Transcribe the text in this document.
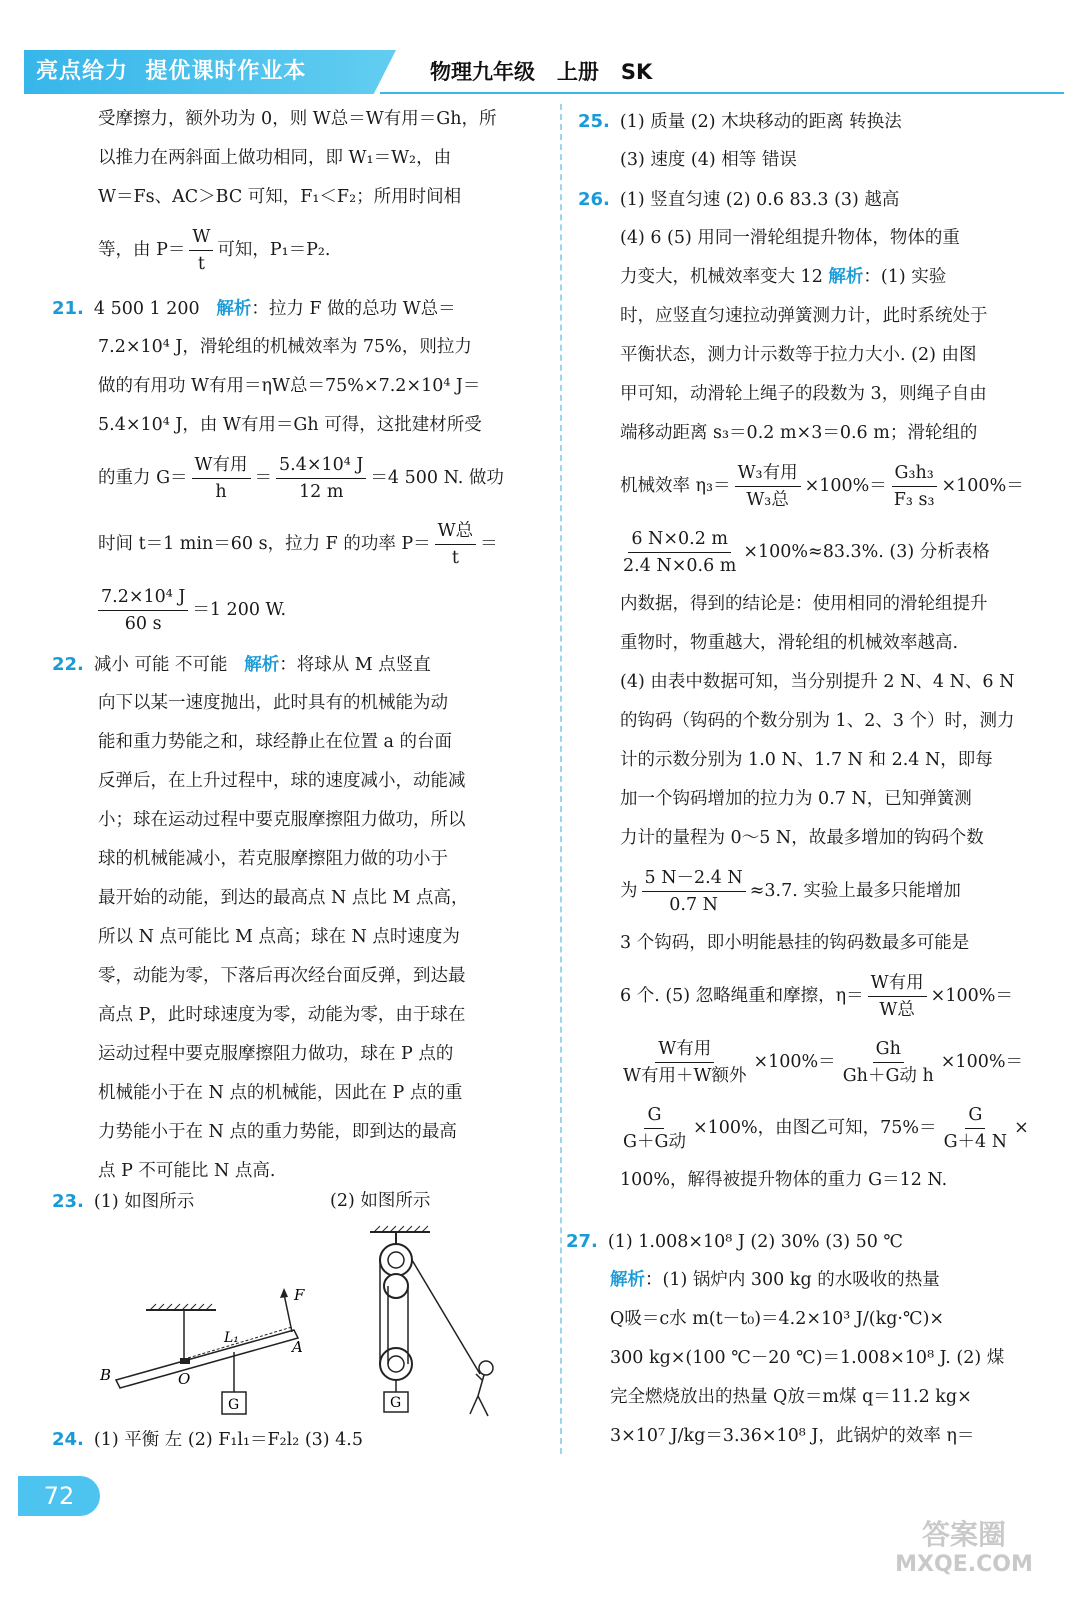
亮点给力  提优课时作业本	物理九年级   上册   SK
受摩擦力，额外功为 0，则 W总＝W有用＝Gh，所
以推力在两斜面上做功相同，即 W₁＝W₂，由
W＝Fs、AC＞BC 可知，F₁＜F₂；所用时间相
等，由 $P= \frac{W}{t}$ 可知，P₁＝P₂.
21. 4 500 1 200 解析：拉力 F 做的总功 W总＝
7.2×10⁴ J，滑轮组的机械效率为 75%，则拉力
做的有用功 W有用＝ηW总＝75%×7.2×10⁴ J＝
5.4×10⁴ J，由 W有用＝Gh 可得，这批建材所受
的重力 $G= \frac{\text{W有用}}{h} = \frac{\text{5.4×10⁴ J}}{12 m} =4$ 500 N. 做功
时间 t＝1 min＝60 s，拉力 F 的功率 $P= \frac{\text{W总}}{t}$ ＝
$\frac{\text{7.2×10⁴ J}}{60 s} =1$ 200 W.
22. 减小 可能 不可能 解析：将球从 M 点竖直
向下以某一速度抛出，此时具有的机械能为动
能和重力势能之和，球经静止在位置 a 的台面
反弹后，在上升过程中，球的速度减小，动能减
小；球在运动过程中要克服摩擦阻力做功，所以
球的机械能减小，若克服摩擦阻力做的功小于
最开始的动能，到达的最高点 N 点比 M 点高，
所以 N 点可能比 M 点高；球在 N 点时速度为
零，动能为零，下落后再次经台面反弹，到达最
高点 P，此时球速度为零，动能为零，由于球在
运动过程中要克服摩擦阻力做功，球在 P 点的
机械能小于在 N 点的机械能，因此在 P 点的重
力势能小于在 N 点的重力势能，即到达的最高
点 P 不可能比 N 点高.
23. (1) 如图所示	(2) 如图所示
F
L₁	A
B	O
G	G
24. (1) 平衡 左 (2) F₁l₁＝F₂l₂ (3) 4.5
25. (1) 质量 (2) 木块移动的距离 转换法
(3) 速度 (4) 相等 错误
26. (1) 竖直匀速 (2) 0.6 83.3 (3) 越高
(4) 6 (5) 用同一滑轮组提升物体，物体的重
力变大，机械效率变大 12 解析：(1) 实验
时，应竖直匀速拉动弹簧测力计，此时系统处于
平衡状态，测力计示数等于拉力大小. (2) 由图
甲可知，动滑轮上绳子的段数为 3，则绳子自由
端移动距离 s₃＝0.2 m×3＝0.6 m；滑轮组的
机械效率 $\eta_3= \frac{\text{W₃有用}}{\text{W₃总}} \times 100\%= \frac{\text{G₃h₃}}{\text{F₃ s₃}} \times 100\%=$
$\frac{6 N\times 0.2 m}{2.4 N\times 0.6 m} \times 100\%\approx 83.3\%$. (3) 分析表格
内数据，得到的结论是：使用相同的滑轮组提升
重物时，物重越大，滑轮组的机械效率越高.
(4) 由表中数据可知，当分别提升 2 N、4 N、6 N
的钩码（钩码的个数分别为 1、2、3 个）时，测力
计的示数分别为 1.0 N、1.7 N 和 2.4 N，即每
加一个钩码增加的拉力为 0.7 N，已知弹簧测
力计的量程为 0～5 N，故最多增加的钩码个数
为 $\frac{5 N-2.4 N}{0.7 N} \approx 3.7$. 实验上最多只能增加
3 个钩码，即小明能悬挂的钩码数最多可能是
6 个. (5) 忽略绳重和摩擦，$\eta= \frac{\text{W有用}}{\text{W总}} \times 100\%=$
$\frac{\text{W有用}}{\text{W有用＋W额外}} \times 100\%= \frac{Gh}{\text{Gh＋G动 h}} \times 100\%=$
$\frac{G}{\text{G＋G动}} \times 100\%$，由图乙可知，$75\%= \frac{G}{G+4 N}$ ×
100%，解得被提升物体的重力 G＝12 N.
27. (1) 1.008×10⁸ J (2) 30% (3) 50 ℃
解析：(1) 锅炉内 300 kg 的水吸收的热量
Q吸＝c水 m(t－t₀)＝4.2×10³ J/(kg·℃)×
300 kg×(100 ℃－20 ℃)＝1.008×10⁸ J. (2) 煤
完全燃烧放出的热量 Q放＝m煤 q＝11.2 kg×
3×10⁷ J/kg＝3.36×10⁸ J，此锅炉的效率 η＝
72
答案圈
MXQE.COM
